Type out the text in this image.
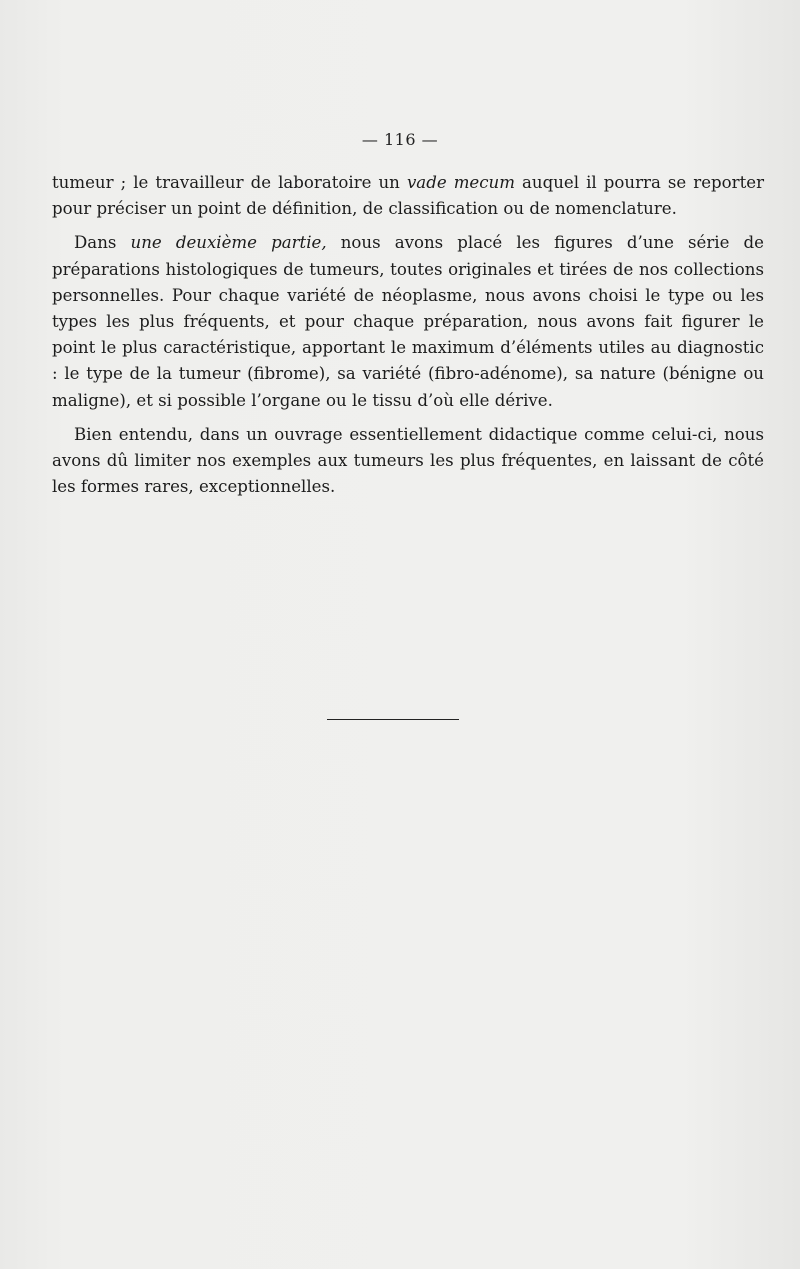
— 116 —

tumeur ; le travailleur de laboratoire un vade mecum auquel il pourra se reporter pour préciser un point de définition, de classification ou de nomenclature.

Dans une deuxième partie, nous avons placé les figures d’une série de préparations histologiques de tumeurs, toutes originales et tirées de nos collections personnelles. Pour chaque variété de néoplasme, nous avons choisi le type ou les types les plus fréquents, et pour chaque préparation, nous avons fait figurer le point le plus caractéristique, apportant le maximum d’éléments utiles au diagnostic : le type de la tumeur (fibrome), sa variété (fibro-adénome), sa nature (bénigne ou maligne), et si possible l’organe ou le tissu d’où elle dérive.

Bien entendu, dans un ouvrage essentiellement didactique comme celui-ci, nous avons dû limiter nos exemples aux tumeurs les plus fréquentes, en laissant de côté les formes rares, exceptionnelles.
